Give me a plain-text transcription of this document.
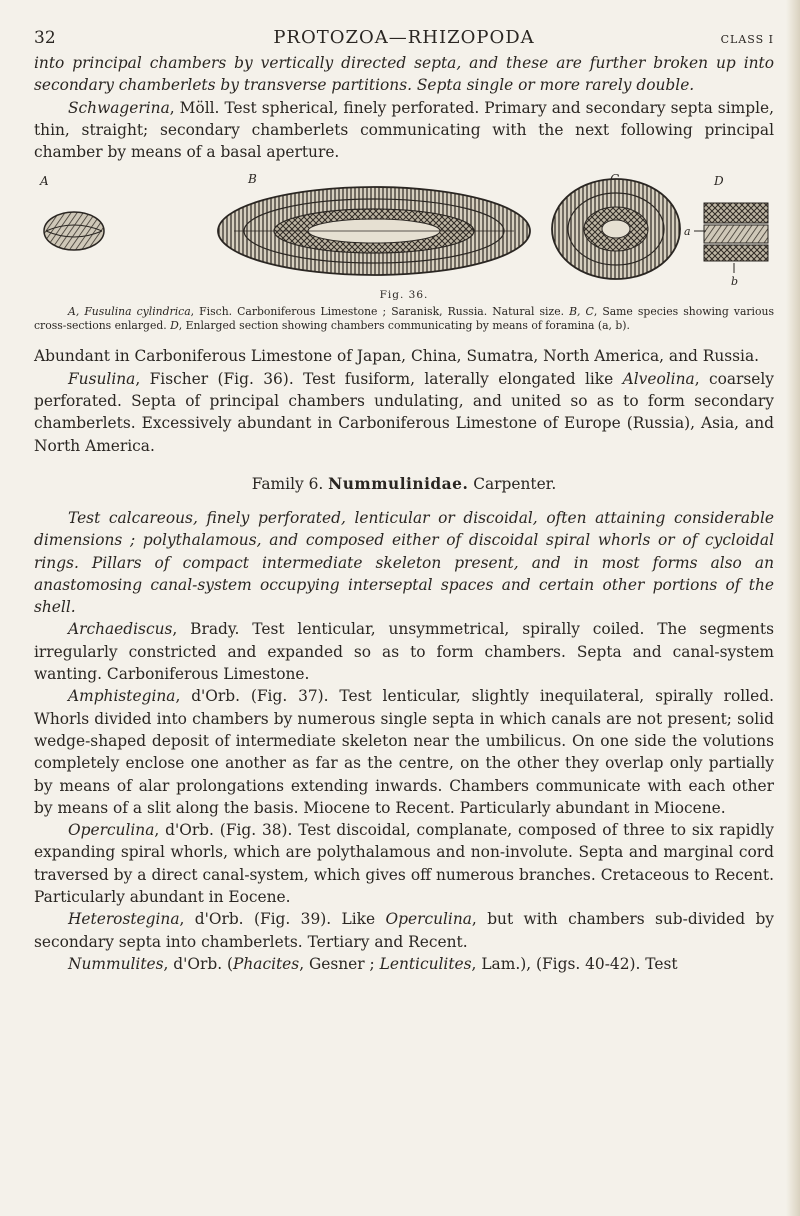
32	PROTOZOA—RHIZOPODA	CLASS I

into principal chambers by vertically directed septa, and these are further broken up into secondary chamberlets by transverse partitions. Septa single or more rarely double.

Schwagerina, Möll. Test spherical, finely perforated. Primary and secondary septa simple, thin, straight; secondary chamberlets communicating with the next following principal chamber by means of a basal aperture.

A	B	D
a
b
Fig. 36.

A, Fusulina cylindrica, Fisch. Carboniferous Limestone ; Saranisk, Russia. Natural size. B, C, Same species showing various cross-sections enlarged. D, Enlarged section showing chambers communicating by means of foramina (a, b).

Abundant in Carboniferous Limestone of Japan, China, Sumatra, North America, and Russia.

Fusulina, Fischer (Fig. 36). Test fusiform, laterally elongated like Alveolina, coarsely perforated. Septa of principal chambers undulating, and united so as to form secondary chamberlets. Excessively abundant in Carboniferous Limestone of Europe (Russia), Asia, and North America.

Family 6. Nummulinidae. Carpenter.

Test calcareous, finely perforated, lenticular or discoidal, often attaining considerable dimensions ; polythalamous, and composed either of discoidal spiral whorls or of cycloidal rings. Pillars of compact intermediate skeleton present, and in most forms also an anastomosing canal-system occupying interseptal spaces and certain other portions of the shell.

Archaediscus, Brady. Test lenticular, unsymmetrical, spirally coiled. The segments irregularly constricted and expanded so as to form chambers. Septa and canal-system wanting. Carboniferous Limestone.

Amphistegina, d'Orb. (Fig. 37). Test lenticular, slightly inequilateral, spirally rolled. Whorls divided into chambers by numerous single septa in which canals are not present; solid wedge-shaped deposit of intermediate skeleton near the umbilicus. On one side the volutions completely enclose one another as far as the centre, on the other they overlap only partially by means of alar prolongations extending inwards. Chambers communicate with each other by means of a slit along the basis. Miocene to Recent. Particularly abundant in Miocene.

Operculina, d'Orb. (Fig. 38). Test discoidal, complanate, composed of three to six rapidly expanding spiral whorls, which are polythalamous and non-involute. Septa and marginal cord traversed by a direct canal-system, which gives off numerous branches. Cretaceous to Recent. Particularly abundant in Eocene.

Heterostegina, d'Orb. (Fig. 39). Like Operculina, but with chambers sub-divided by secondary septa into chamberlets. Tertiary and Recent.

Nummulites, d'Orb. (Phacites, Gesner ; Lenticulites, Lam.), (Figs. 40-42). Test
